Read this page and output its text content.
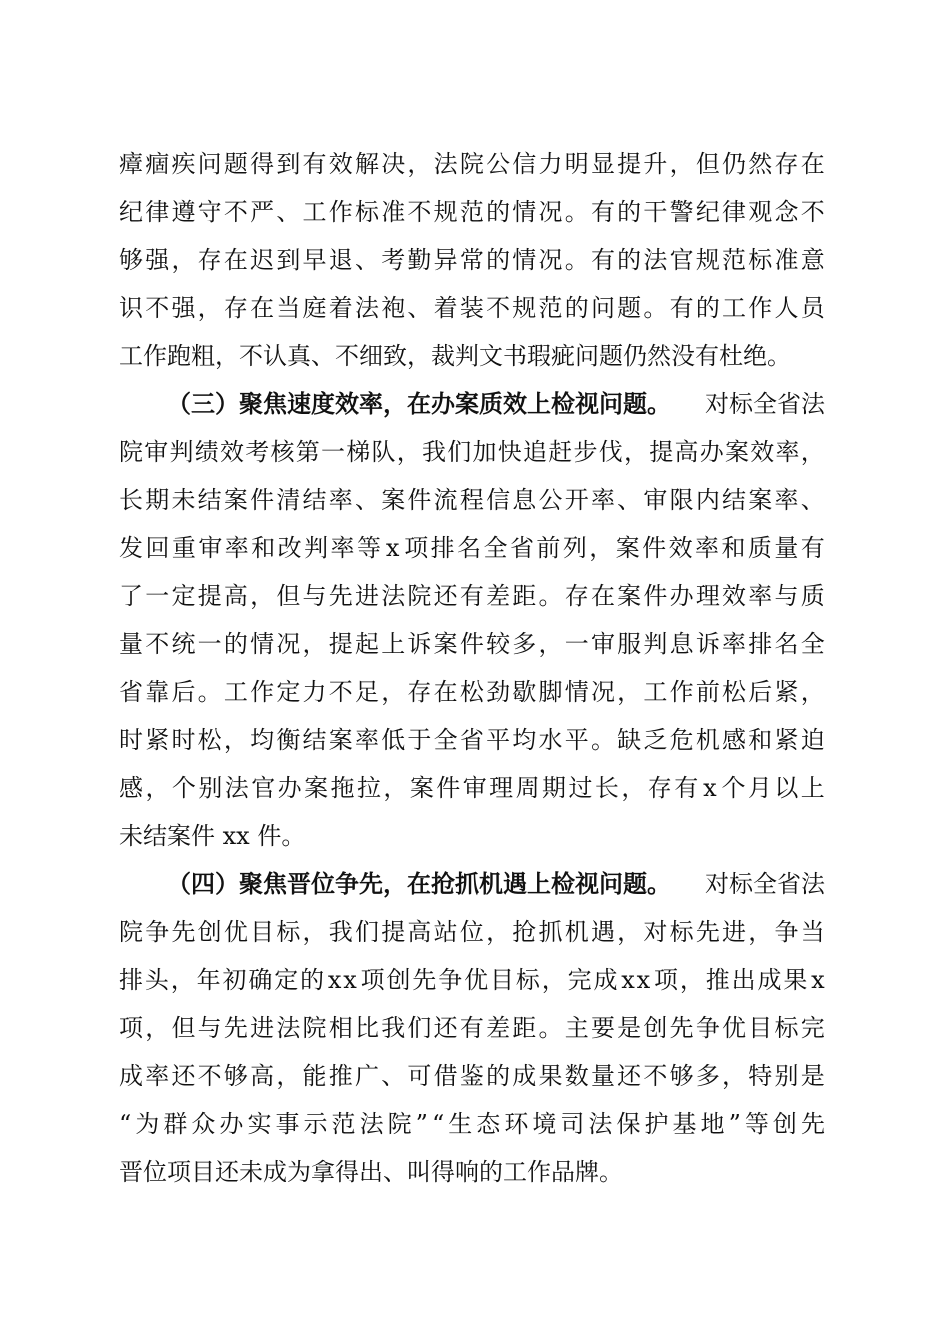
瘴 痼 疾 问 题 得 到 有 效 解 决 ， 法 院 公 信 力 明 显 提 升 ， 但 仍 然 存 在
纪 律 遵 守 不 严 、 工 作 标 准 不 规 范 的 情 况 。 有 的 干 警 纪 律 观 念 不
够 强 ， 存 在 迟 到 早 退 、 考 勤 异 常 的 情 况 。 有 的 法 官 规 范 标 准 意
识 不 强 ， 存 在 当 庭 着 法 袍 、 着 装 不 规 范 的 问 题 。 有 的 工 作 人 员
工作跑粗，不认真、不细致，裁判文书瑕疵问题仍然没有杜绝。
（三）聚焦速度效率，在办案质效上检视问题。 对标全省法
院 审 判 绩 效 考 核 第 一 梯 队 ， 我 们 加 快 追 赶 步 伐 ， 提 高 办 案 效 率 ，
长 期 未 结 案 件 清 结 率 、 案 件 流 程 信 息 公 开 率 、 审 限 内 结 案 率 、
发 回 重 审 率 和 改 判 率 等 x 项 排 名 全 省 前 列 ， 案 件 效 率 和 质 量 有
了 一 定 提 高 ， 但 与 先 进 法 院 还 有 差 距 。 存 在 案 件 办 理 效 率 与 质
量 不 统 一 的 情 况 ， 提 起 上 诉 案 件 较 多 ， 一 审 服 判 息 诉 率 排 名 全
省 靠 后 。 工 作 定 力 不 足 ， 存 在 松 劲 歇 脚 情 况 ， 工 作 前 松 后 紧 ，
时 紧 时 松 ， 均 衡 结 案 率 低 于 全 省 平 均 水 平 。 缺 乏 危 机 感 和 紧 迫
感 ， 个 别 法 官 办 案 拖 拉 ， 案 件 审 理 周 期 过 长 ， 存 有 x 个 月 以 上
未结案件 xx 件。
（四）聚焦晋位争先，在抢抓机遇上检视问题。 对标全省法
院 争 先 创 优 目 标 ， 我 们 提 高 站 位 ， 抢 抓 机 遇 ， 对 标 先 进 ， 争 当
排 头 ， 年 初 确 定 的 x x 项 创 先 争 优 目 标 ， 完 成 x x 项 ， 推 出 成 果 x
项 ， 但 与 先 进 法 院 相 比 我 们 还 有 差 距 。 主 要 是 创 先 争 优 目 标 完
成 率 还 不 够 高 ， 能 推 广 、 可 借 鉴 的 成 果 数 量 还 不 够 多 ， 特 别 是
“ 为 群 众 办 实 事 示 范 法 院 ” “ 生 态 环 境 司 法 保 护 基 地 ” 等 创 先
晋位项目还未成为拿得出、叫得响的工作品牌。
